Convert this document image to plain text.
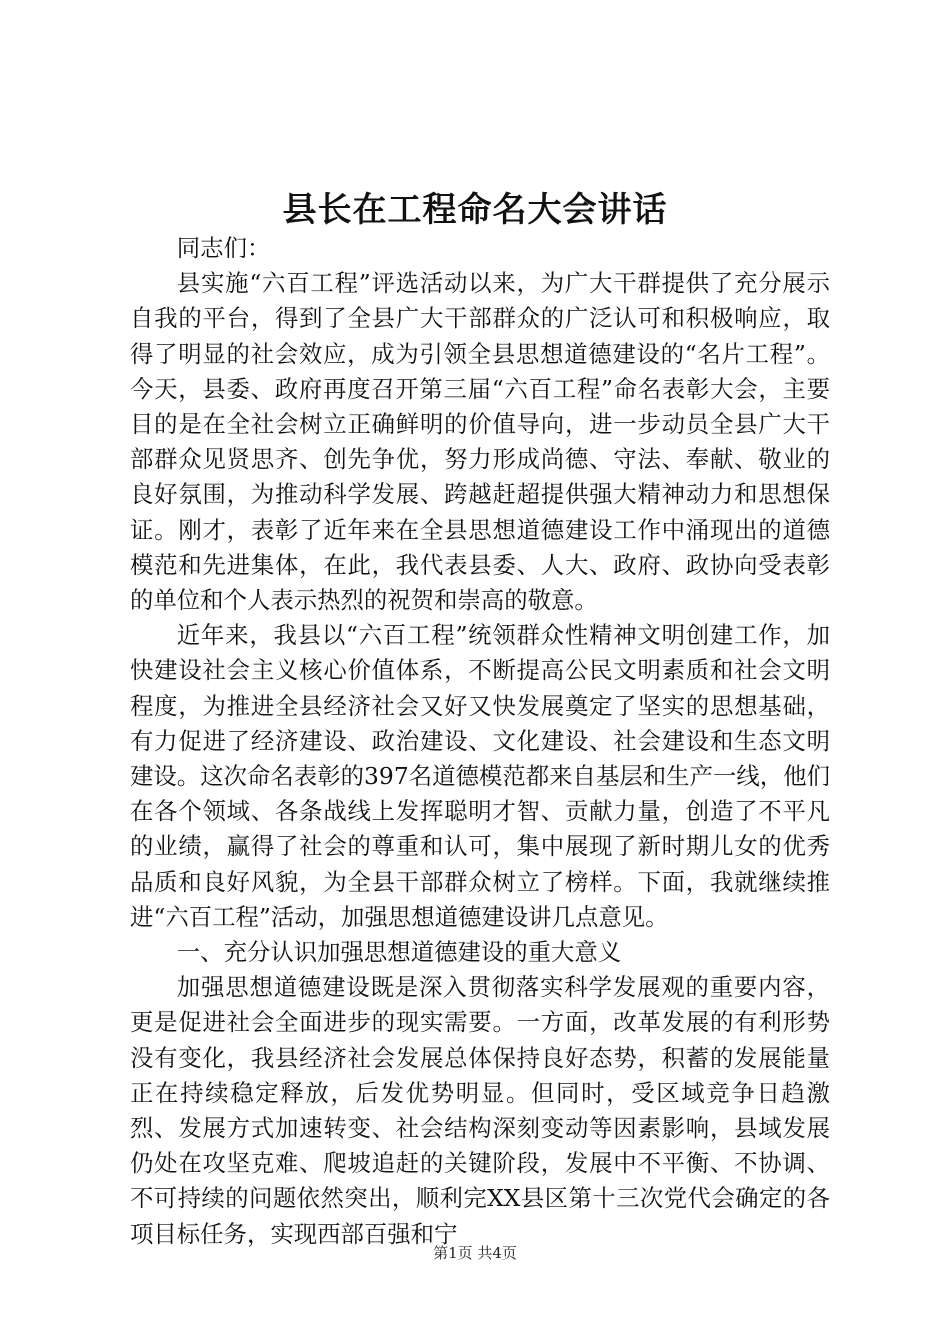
县长在工程命名大会讲话

同志们：

县实施“六百工程”评选活动以来，为广大干群提供了充分展示自我的平台，得到了全县广大干部群众的广泛认可和积极响应，取得了明显的社会效应，成为引领全县思想道德建设的“名片工程”。今天，县委、政府再度召开第三届“六百工程”命名表彰大会，主要目的是在全社会树立正确鲜明的价值导向，进一步动员全县广大干部群众见贤思齐、创先争优，努力形成尚德、守法、奉献、敬业的良好氛围，为推动科学发展、跨越赶超提供强大精神动力和思想保证。刚才，表彰了近年来在全县思想道德建设工作中涌现出的道德模范和先进集体，在此，我代表县委、人大、政府、政协向受表彰的单位和个人表示热烈的祝贺和崇高的敬意。

近年来，我县以“六百工程”统领群众性精神文明创建工作，加快建设社会主义核心价值体系，不断提高公民文明素质和社会文明程度，为推进全县经济社会又好又快发展奠定了坚实的思想基础，有力促进了经济建设、政治建设、文化建设、社会建设和生态文明建设。这次命名表彰的397名道德模范都来自基层和生产一线，他们在各个领域、各条战线上发挥聪明才智、贡献力量，创造了不平凡的业绩，赢得了社会的尊重和认可，集中展现了新时期儿女的优秀品质和良好风貌，为全县干部群众树立了榜样。下面，我就继续推进“六百工程”活动，加强思想道德建设讲几点意见。

一、充分认识加强思想道德建设的重大意义

加强思想道德建设既是深入贯彻落实科学发展观的重要内容，更是促进社会全面进步的现实需要。一方面，改革发展的有利形势没有变化，我县经济社会发展总体保持良好态势，积蓄的发展能量正在持续稳定释放，后发优势明显。但同时，受区域竞争日趋激烈、发展方式加速转变、社会结构深刻变动等因素影响，县域发展仍处在攻坚克难、爬坡追赶的关键阶段，发展中不平衡、不协调、不可持续的问题依然突出，顺利完XX县区第十三次党代会确定的各项目标任务，实现西部百强和宁

第1页 共4页
